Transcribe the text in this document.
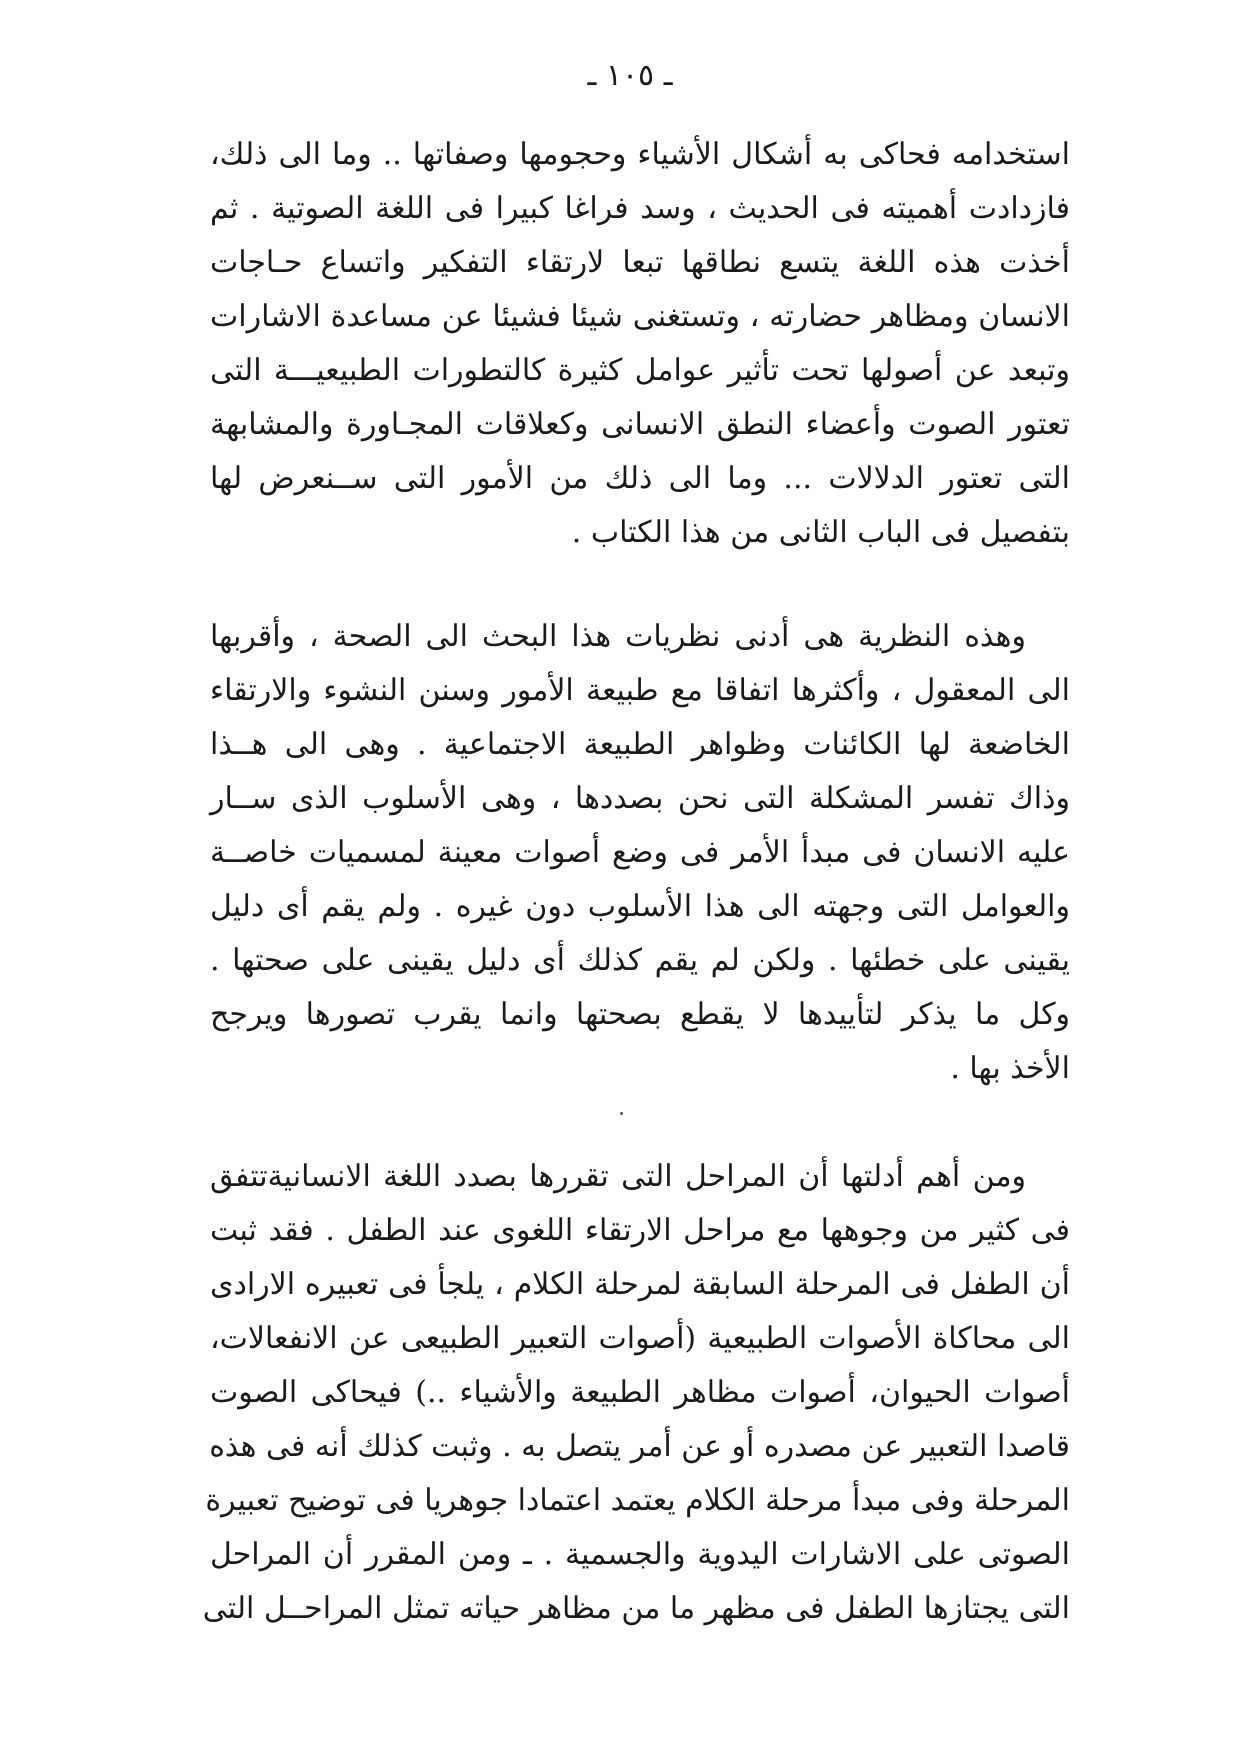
ـ ١٠٥ ـ
استخدامه فحاكى به أشكال الأشياء وحجومها وصفاتها .. وما الى ذلك،
فازدادت أهميته فى الحديث ، وسد فراغا كبيرا فى اللغة الصوتية . ثم
أخذت هذه اللغة يتسع نطاقها تبعا لارتقاء التفكير واتساع حـاجات
الانسان ومظاهر حضارته ، وتستغنى شيئا فشيئا عن مساعدة الاشارات
وتبعد عن أصولها تحت تأثير عوامل كثيرة كالتطورات الطبيعيـــة التى
تعتور الصوت وأعضاء النطق الانسانى وكعلاقات المجـاورة والمشابهة
التى تعتور الدلالات ... وما الى ذلك من الأمور التى ســنعرض لها
بتفصيل فى الباب الثانى من هذا الكتاب .
وهذه النظرية هى أدنى نظريات هذا البحث الى الصحة ، وأقربها
الى المعقول ، وأكثرها اتفاقا مع طبيعة الأمور وسنن النشوء والارتقاء
الخاضعة لها الكائنات وظواهر الطبيعة الاجتماعية . وهى الى هــذا
وذاك تفسر المشكلة التى نحن بصددها ، وهى الأسلوب الذى ســار
عليه الانسان فى مبدأ الأمر فى وضع أصوات معينة لمسميات خاصــة
والعوامل التى وجهته الى هذا الأسلوب دون غيره . ولم يقم أى دليل
يقينى على خطئها . ولكن لم يقم كذلك أى دليل يقينى على صحتها .
وكل ما يذكر لتأييدها لا يقطع بصحتها وانما يقرب تصورها ويرجح
الأخذ بها .
ومن أهم أدلتها أن المراحل التى تقررها بصدد اللغة الانسانيةتتفق
فى كثير من وجوهها مع مراحل الارتقاء اللغوى عند الطفل . فقد ثبت
أن الطفل فى المرحلة السابقة لمرحلة الكلام ، يلجأ فى تعبيره الارادى
الى محاكاة الأصوات الطبيعية (أصوات التعبير الطبيعى عن الانفعالات،
أصوات الحيوان، أصوات مظاهر الطبيعة والأشياء ..) فيحاكى الصوت
قاصدا التعبير عن مصدره أو عن أمر يتصل به . وثبت كذلك أنه فى هذه
المرحلة وفى مبدأ مرحلة الكلام يعتمد اعتمادا جوهريا فى توضيح تعبيرة
الصوتى على الاشارات اليدوية والجسمية . ـ ومن المقرر أن المراحل
التى يجتازها الطفل فى مظهر ما من مظاهر حياته تمثل المراحــل التى
